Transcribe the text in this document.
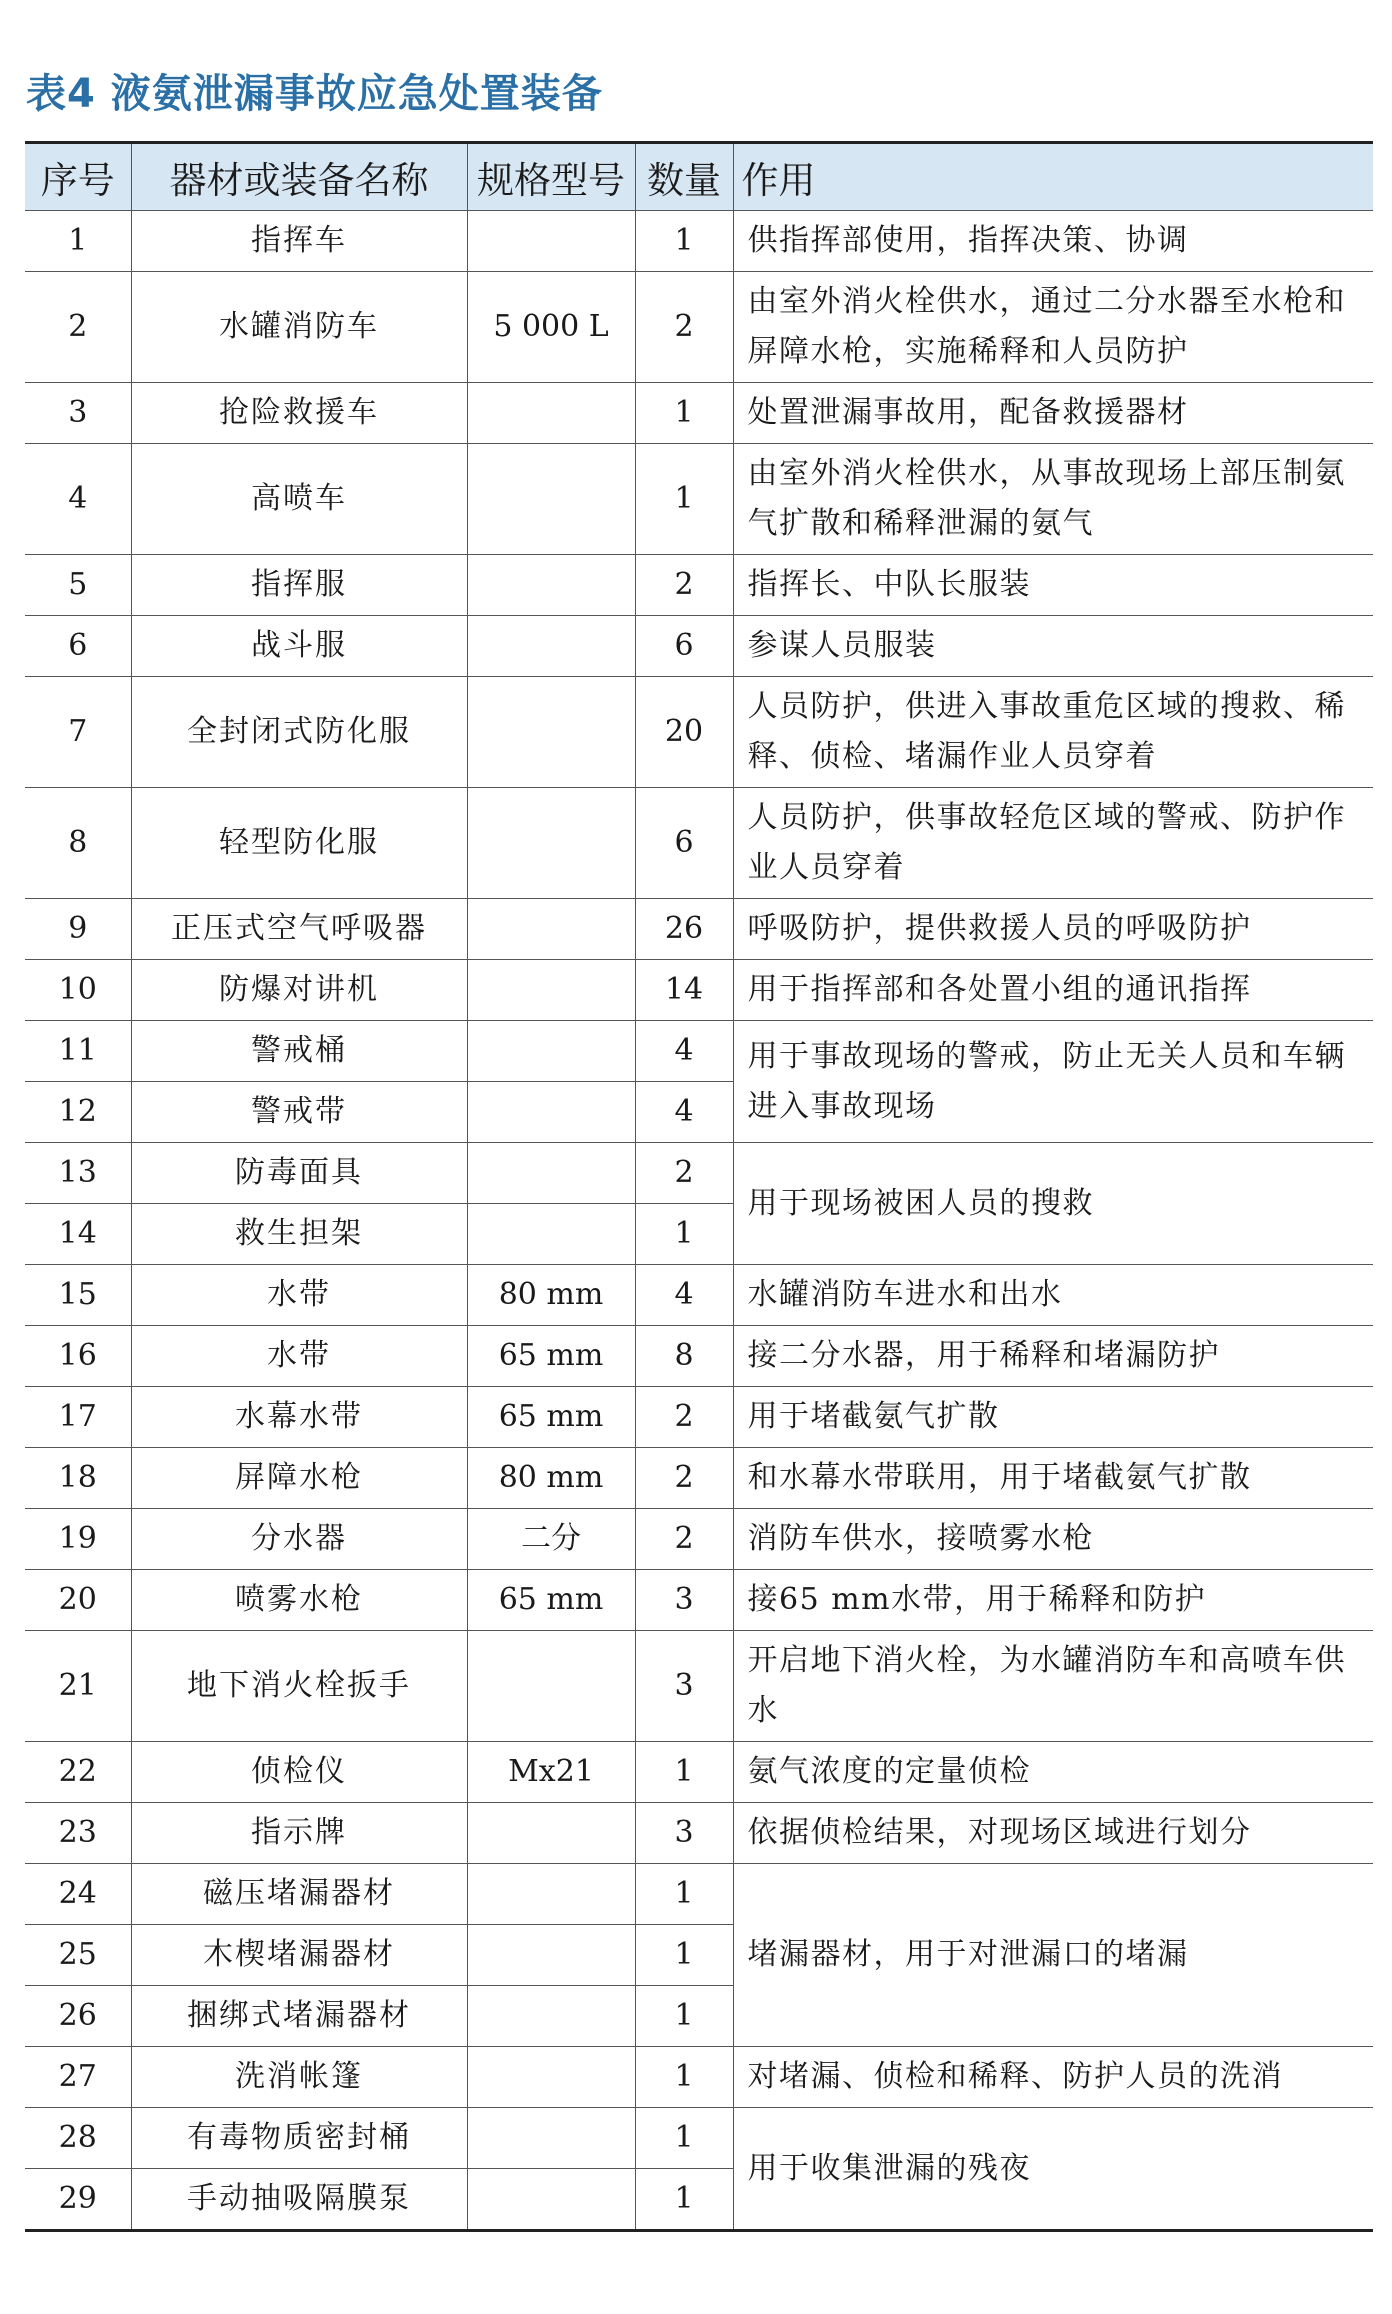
表4 液氨泄漏事故应急处置装备
序号	器材或装备名称	规格型号	数量	作用
1	指挥车		1	供指挥部使用，指挥决策、协调
2	水罐消防车	5 000 L	2	由室外消火栓供水，通过二分水器至水枪和屏障水枪，实施稀释和人员防护
3	抢险救援车		1	处置泄漏事故用，配备救援器材
4	高喷车		1	由室外消火栓供水，从事故现场上部压制氨气扩散和稀释泄漏的氨气
5	指挥服		2	指挥长、中队长服装
6	战斗服		6	参谋人员服装
7	全封闭式防化服		20	人员防护，供进入事故重危区域的搜救、稀释、侦检、堵漏作业人员穿着
8	轻型防化服		6	人员防护，供事故轻危区域的警戒、防护作业人员穿着
9	正压式空气呼吸器		26	呼吸防护，提供救援人员的呼吸防护
10	防爆对讲机		14	用于指挥部和各处置小组的通讯指挥
11	警戒桶		4	用于事故现场的警戒，防止无关人员和车辆进入事故现场
12	警戒带		4	
13	防毒面具		2	用于现场被困人员的搜救
14	救生担架		1	
15	水带	80 mm	4	水罐消防车进水和出水
16	水带	65 mm	8	接二分水器，用于稀释和堵漏防护
17	水幕水带	65 mm	2	用于堵截氨气扩散
18	屏障水枪	80 mm	2	和水幕水带联用，用于堵截氨气扩散
19	分水器	二分	2	消防车供水，接喷雾水枪
20	喷雾水枪	65 mm	3	接65 mm水带，用于稀释和防护
21	地下消火栓扳手		3	开启地下消火栓，为水罐消防车和高喷车供水
22	侦检仪	Mx21	1	氨气浓度的定量侦检
23	指示牌		3	依据侦检结果，对现场区域进行划分
24	磁压堵漏器材		1	堵漏器材，用于对泄漏口的堵漏
25	木楔堵漏器材		1	
26	捆绑式堵漏器材		1	
27	洗消帐篷		1	对堵漏、侦检和稀释、防护人员的洗消
28	有毒物质密封桶		1	用于收集泄漏的残夜
29	手动抽吸隔膜泵		1	
